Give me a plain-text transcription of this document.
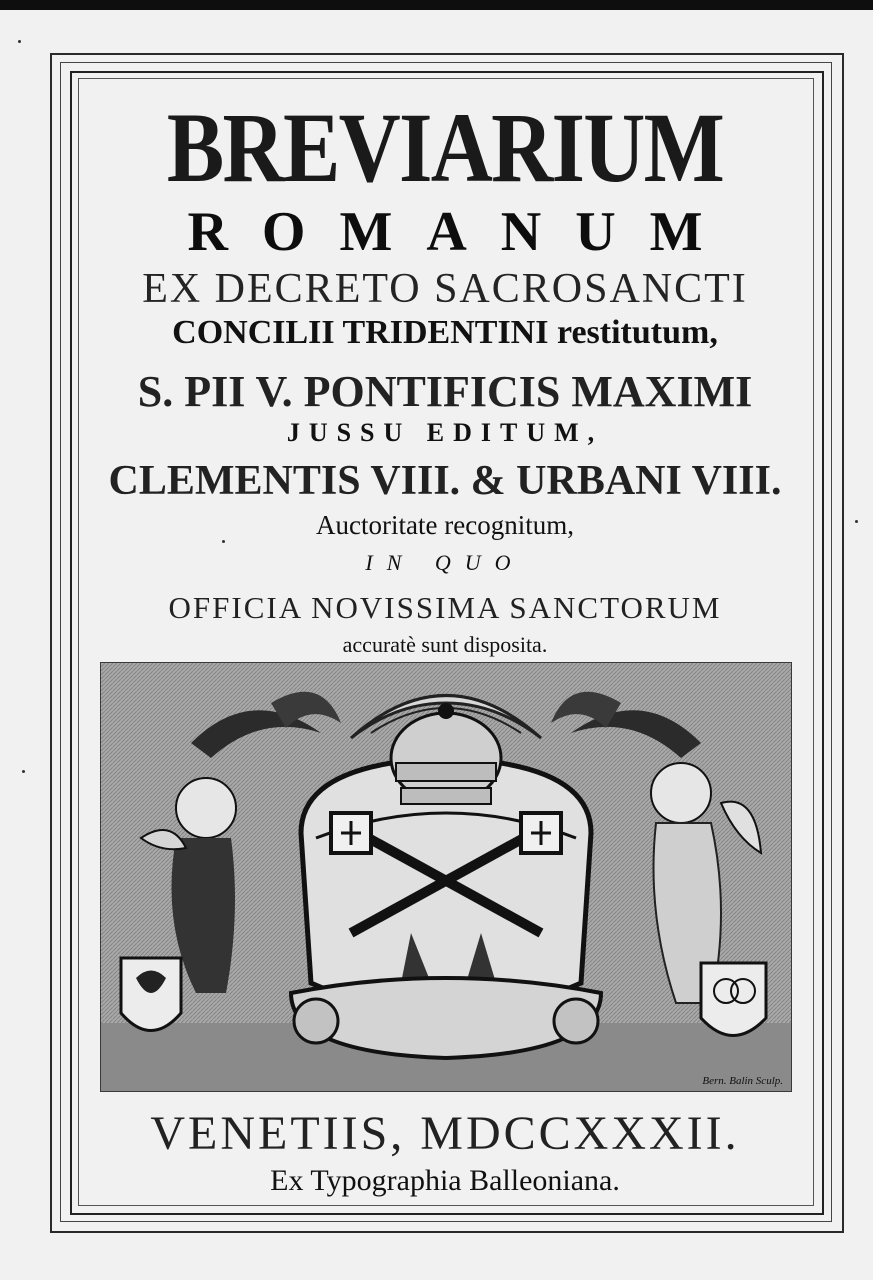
BREVIARIUM
ROMANUM
EX DECRETO SACROSANCTI
CONCILII TRIDENTINI restitutum,
S. PII V. PONTIFICIS MAXIMI
JUSSU EDITUM,
CLEMENTIS VIII. & URBANI VIII.
Auctoritate recognitum,
IN QUO
OFFICIA NOVISSIMA SANCTORUM
accuratè sunt disposita.
Bern. Balin Sculp.
VENETIIS, MDCCXXXII.
Ex Typographia Balleoniana.
